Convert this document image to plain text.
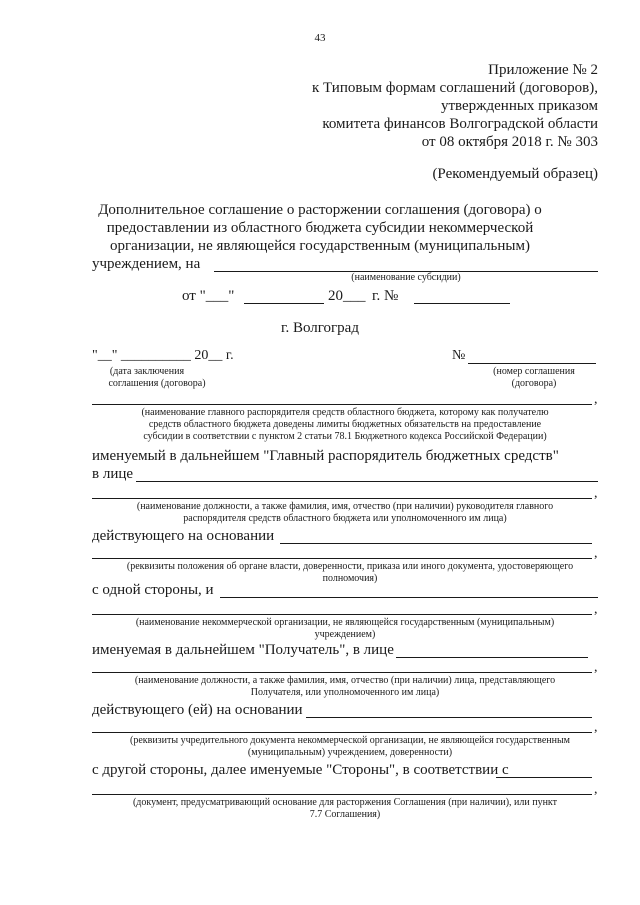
43
Приложение № 2
к Типовым формам соглашений (договоров),
утвержденных приказом
комитета финансов Волгоградской области
от 08 октября 2018 г. № 303
(Рекомендуемый образец)
Дополнительное соглашение о расторжении соглашения (договора) о
предоставлении из областного бюджета субсидии некоммерческой
организации, не являющейся государственным (муниципальным)
учреждением, на
(наименование субсидии)
от "___"	20___ г. №
г. Волгоград
"__" __________ 20__ г.
(дата заключения
соглашения (договора)
№
(номер соглашения
(договора)
,
(наименование главного распорядителя средств областного бюджета, которому как получателю средств областного бюджета доведены лимиты бюджетных обязательств на предоставление субсидии в соответствии с пунктом 2 статьи 78.1 Бюджетного кодекса Российской Федерации)
именуемый в дальнейшем "Главный распорядитель бюджетных средств"
в лице
,
(наименование должности, а также фамилия, имя, отчество (при наличии) руководителя главного распорядителя средств областного бюджета или уполномоченного им лица)
действующего на основании
,
(реквизиты положения об органе власти, доверенности, приказа или иного документа, удостоверяющего полномочия)
с одной стороны, и
,
(наименование некоммерческой организации, не являющейся государственным (муниципальным) учреждением)
именуемая в дальнейшем "Получатель", в лице
,
(наименование должности, а также фамилия, имя, отчество (при наличии) лица, представляющего Получателя, или уполномоченного им лица)
действующего (ей) на основании
,
(реквизиты учредительного документа некоммерческой организации, не являющейся государственным (муниципальным) учреждением, доверенности)
с другой стороны, далее именуемые "Стороны", в соответствии с
,
(документ, предусматривающий основание для расторжения Соглашения (при наличии), или пункт 7.7 Соглашения)
